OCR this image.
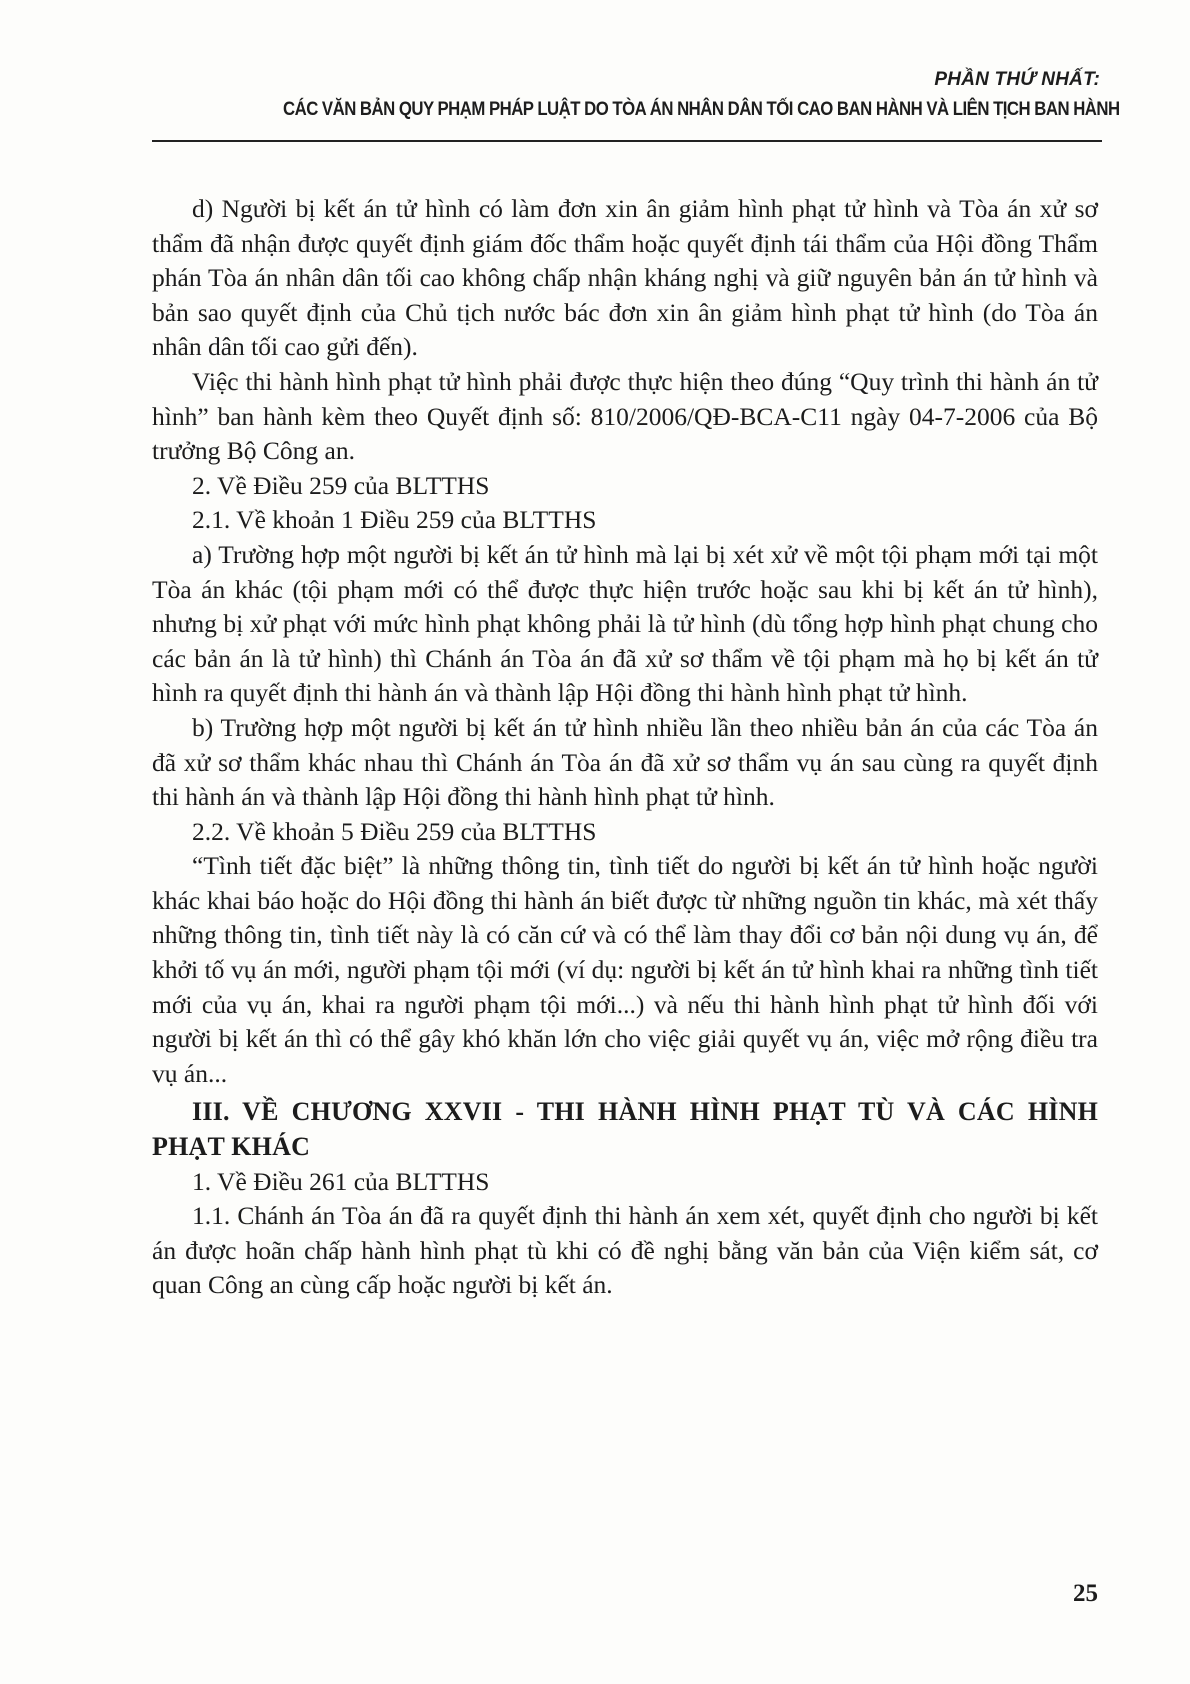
PHẦN THỨ NHẤT:
CÁC VĂN BẢN QUY PHẠM PHÁP LUẬT DO TÒA ÁN NHÂN DÂN TỐI CAO BAN HÀNH VÀ LIÊN TỊCH BAN HÀNH

d) Người bị kết án tử hình có làm đơn xin ân giảm hình phạt tử hình và Tòa án xử sơ thẩm đã nhận được quyết định giám đốc thẩm hoặc quyết định tái thẩm của Hội đồng Thẩm phán Tòa án nhân dân tối cao không chấp nhận kháng nghị và giữ nguyên bản án tử hình và bản sao quyết định của Chủ tịch nước bác đơn xin ân giảm hình phạt tử hình (do Tòa án nhân dân tối cao gửi đến).

Việc thi hành hình phạt tử hình phải được thực hiện theo đúng “Quy trình thi hành án tử hình” ban hành kèm theo Quyết định số: 810/2006/QĐ-BCA-C11 ngày 04-7-2006 của Bộ trưởng Bộ Công an.

2. Về Điều 259 của BLTTHS

2.1. Về khoản 1 Điều 259 của BLTTHS

a) Trường hợp một người bị kết án tử hình mà lại bị xét xử về một tội phạm mới tại một Tòa án khác (tội phạm mới có thể được thực hiện trước hoặc sau khi bị kết án tử hình), nhưng bị xử phạt với mức hình phạt không phải là tử hình (dù tổng hợp hình phạt chung cho các bản án là tử hình) thì Chánh án Tòa án đã xử sơ thẩm về tội phạm mà họ bị kết án tử hình ra quyết định thi hành án và thành lập Hội đồng thi hành hình phạt tử hình.

b) Trường hợp một người bị kết án tử hình nhiều lần theo nhiều bản án của các Tòa án đã xử sơ thẩm khác nhau thì Chánh án Tòa án đã xử sơ thẩm vụ án sau cùng ra quyết định thi hành án và thành lập Hội đồng thi hành hình phạt tử hình.

2.2. Về khoản 5 Điều 259 của BLTTHS

“Tình tiết đặc biệt” là những thông tin, tình tiết do người bị kết án tử hình hoặc người khác khai báo hoặc do Hội đồng thi hành án biết được từ những nguồn tin khác, mà xét thấy những thông tin, tình tiết này là có căn cứ và có thể làm thay đổi cơ bản nội dung vụ án, để khởi tố vụ án mới, người phạm tội mới (ví dụ: người bị kết án tử hình khai ra những tình tiết mới của vụ án, khai ra người phạm tội mới...) và nếu thi hành hình phạt tử hình đối với người bị kết án thì có thể gây khó khăn lớn cho việc giải quyết vụ án, việc mở rộng điều tra vụ án...

III. VỀ CHƯƠNG XXVII - THI HÀNH HÌNH PHẠT TÙ VÀ CÁC HÌNH PHẠT KHÁC

1. Về Điều 261 của BLTTHS

1.1. Chánh án Tòa án đã ra quyết định thi hành án xem xét, quyết định cho người bị kết án được hoãn chấp hành hình phạt tù khi có đề nghị bằng văn bản của Viện kiểm sát, cơ quan Công an cùng cấp hoặc người bị kết án.

25
